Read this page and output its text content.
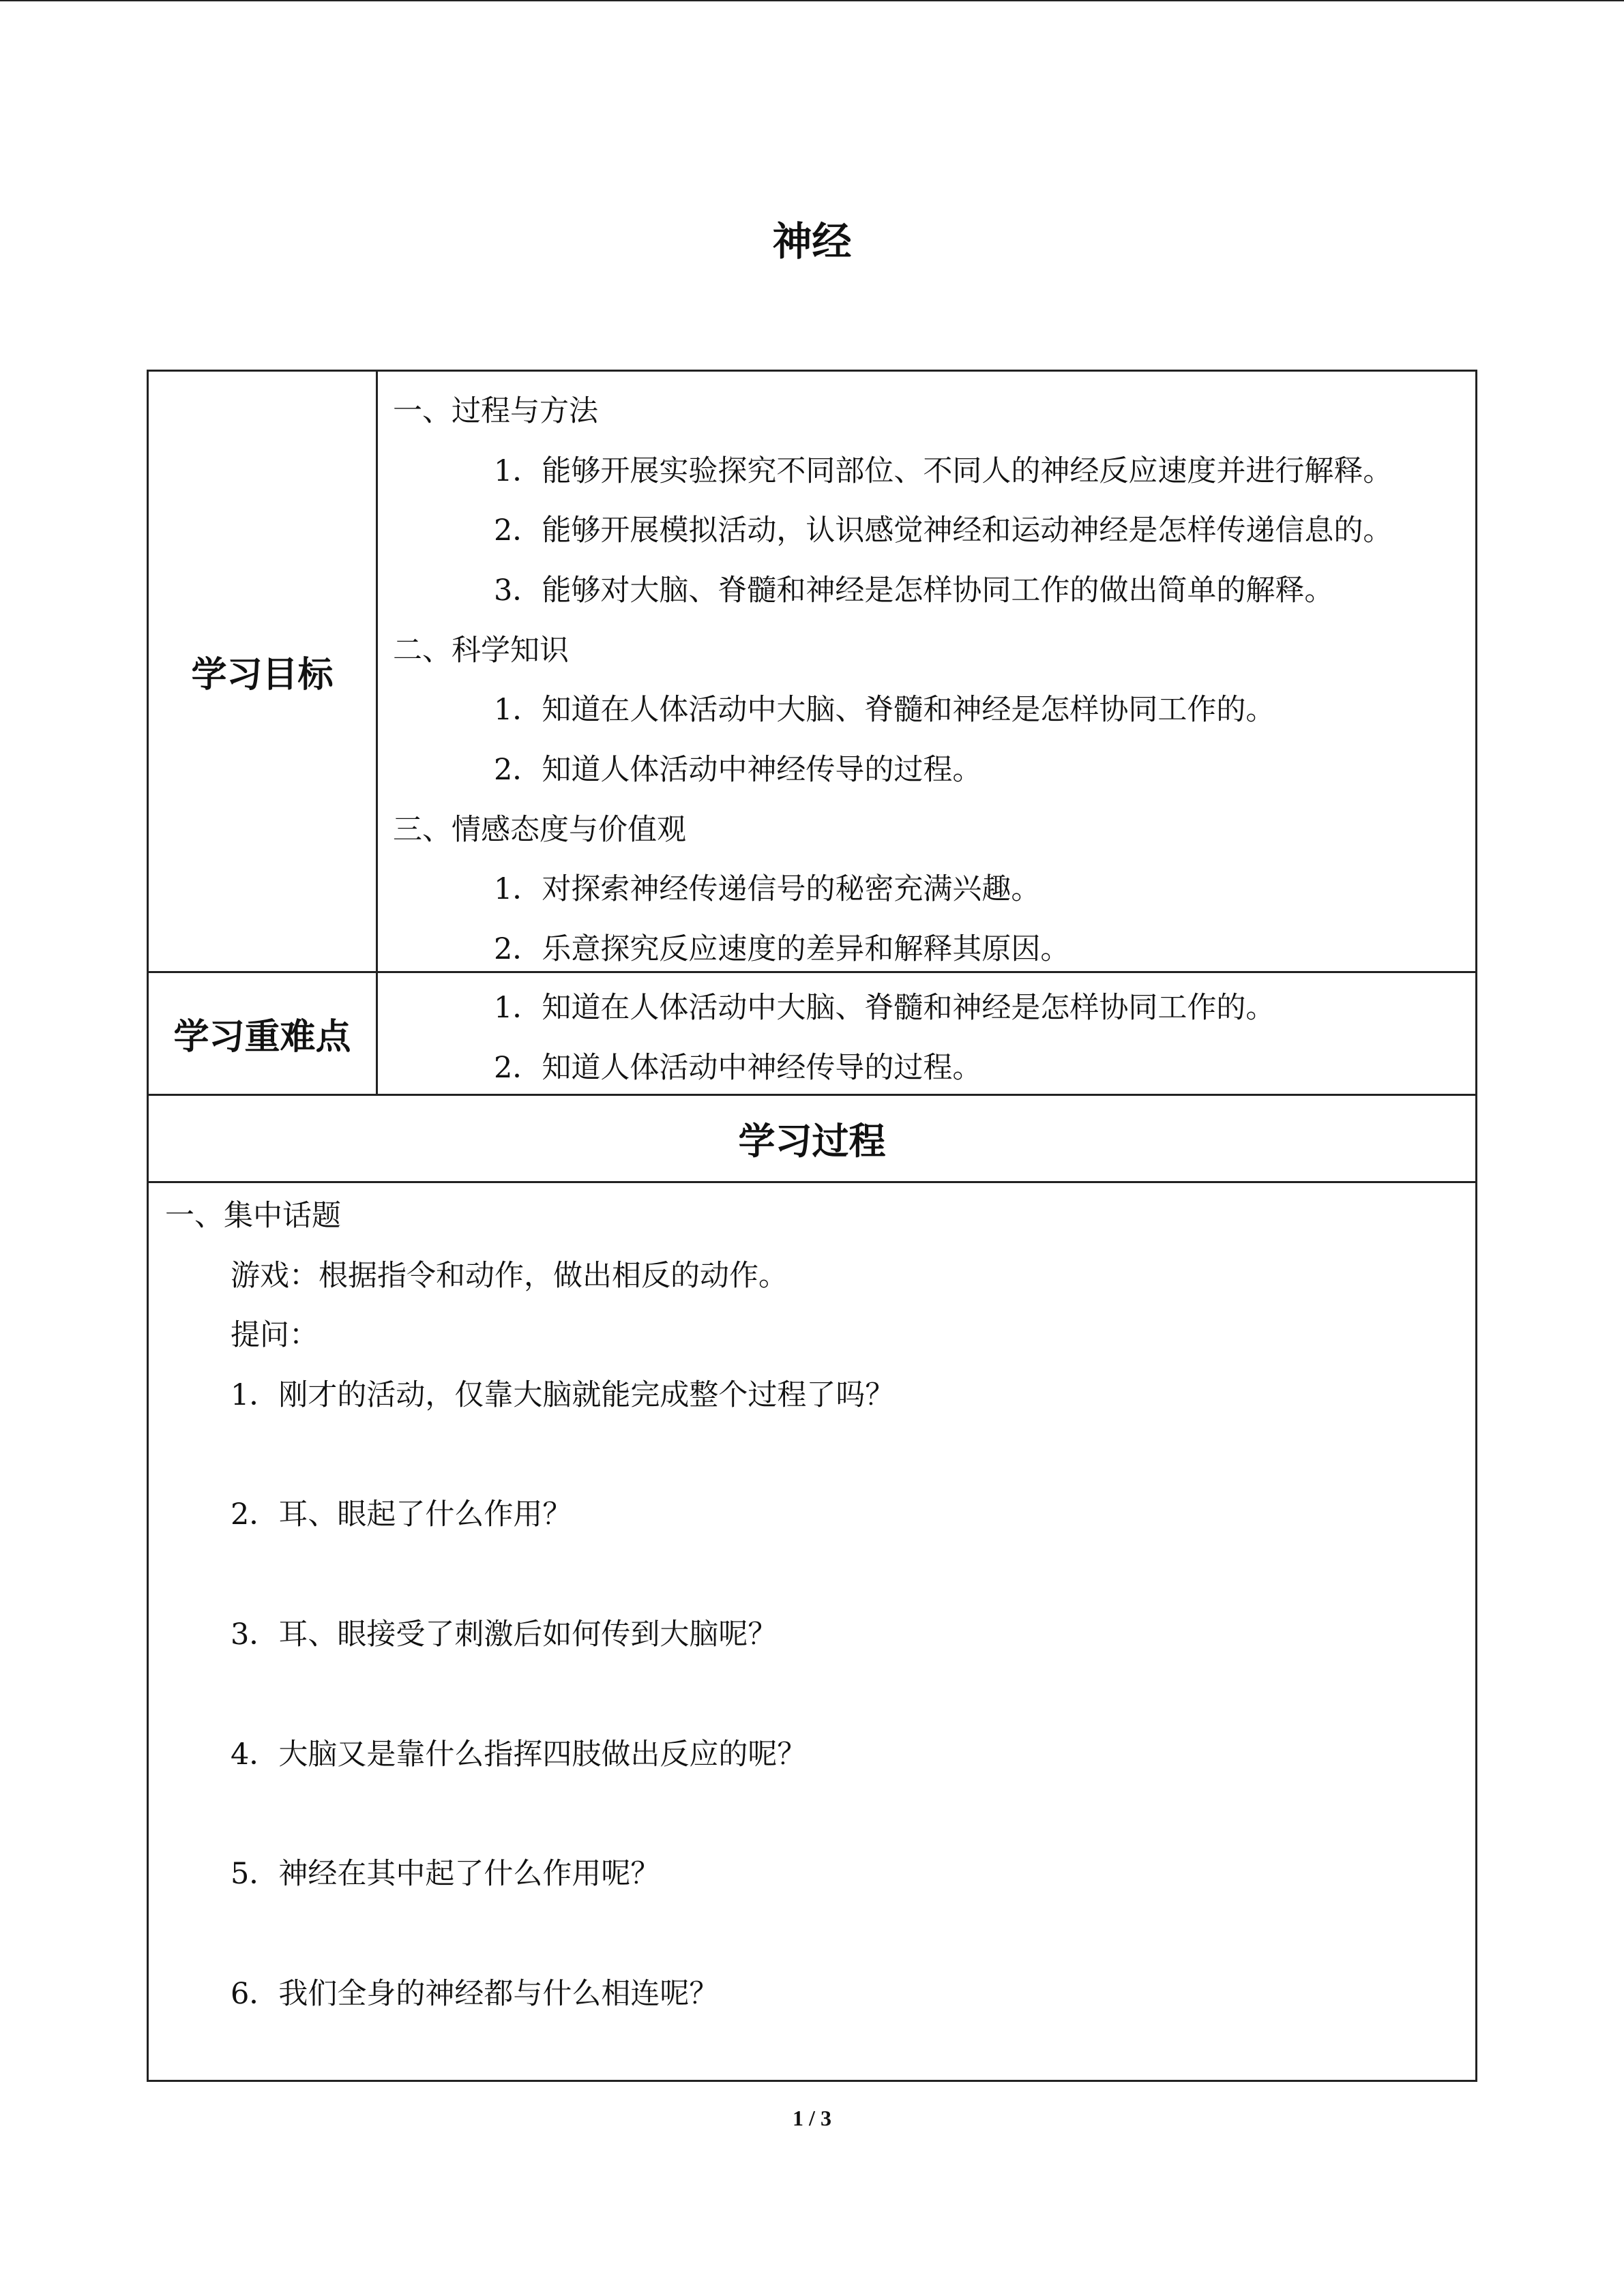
神经
学习目标

一、过程与方法

1．能够开展实验探究不同部位、不同人的神经反应速度并进行解释。

2．能够开展模拟活动，认识感觉神经和运动神经是怎样传递信息的。

3．能够对大脑、脊髓和神经是怎样协同工作的做出简单的解释。

二、科学知识

1．知道在人体活动中大脑、脊髓和神经是怎样协同工作的。

2．知道人体活动中神经传导的过程。

三、情感态度与价值观

1．对探索神经传递信号的秘密充满兴趣。

2．乐意探究反应速度的差异和解释其原因。

学习重难点

1．知道在人体活动中大脑、脊髓和神经是怎样协同工作的。

2．知道人体活动中神经传导的过程。

学习过程

一、集中话题

游戏：根据指令和动作，做出相反的动作。

提问：

1．刚才的活动，仅靠大脑就能完成整个过程了吗？

2．耳、眼起了什么作用？

3．耳、眼接受了刺激后如何传到大脑呢？

4．大脑又是靠什么指挥四肢做出反应的呢？

5．神经在其中起了什么作用呢？

6．我们全身的神经都与什么相连呢？

1 / 3
